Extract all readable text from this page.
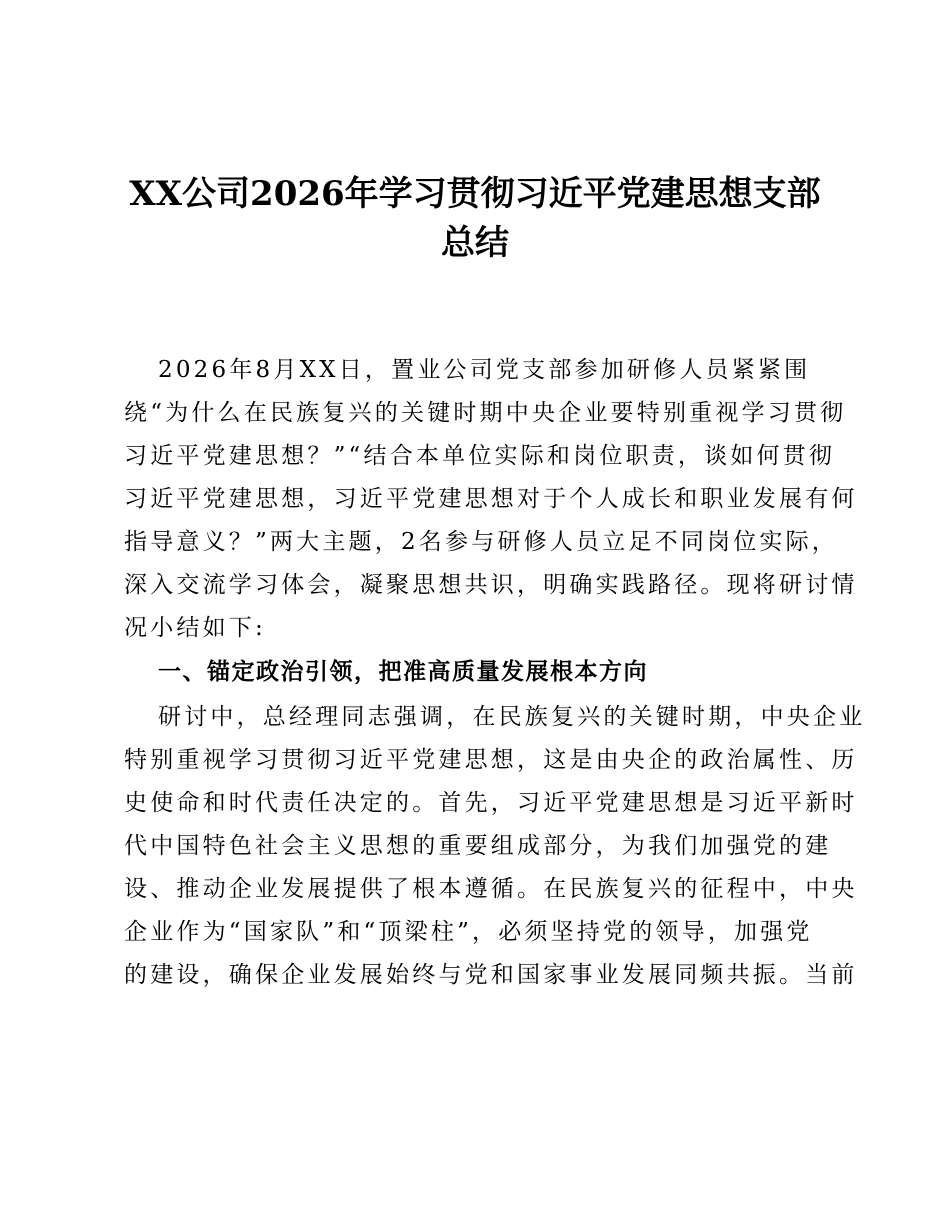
XX公司2026年学习贯彻习近平党建思想支部
总结
2026年8月XX日，置业公司党支部参加研修人员紧紧围
绕“为什么在民族复兴的关键时期中央企业要特别重视学习贯彻
习近平党建思想？”“结合本单位实际和岗位职责，谈如何贯彻
习近平党建思想，习近平党建思想对于个人成长和职业发展有何
指导意义？”两大主题，2名参与研修人员立足不同岗位实际，
深入交流学习体会，凝聚思想共识，明确实践路径。现将研讨情
况小结如下:
一、锚定政治引领，把准高质量发展根本方向
研讨中，总经理同志强调，在民族复兴的关键时期，中央企业
特别重视学习贯彻习近平党建思想，这是由央企的政治属性、历
史使命和时代责任决定的。首先，习近平党建思想是习近平新时
代中国特色社会主义思想的重要组成部分，为我们加强党的建
设、推动企业发展提供了根本遵循。在民族复兴的征程中，中央
企业作为“国家队”和“顶梁柱”，必须坚持党的领导，加强党
的建设，确保企业发展始终与党和国家事业发展同频共振。当前
